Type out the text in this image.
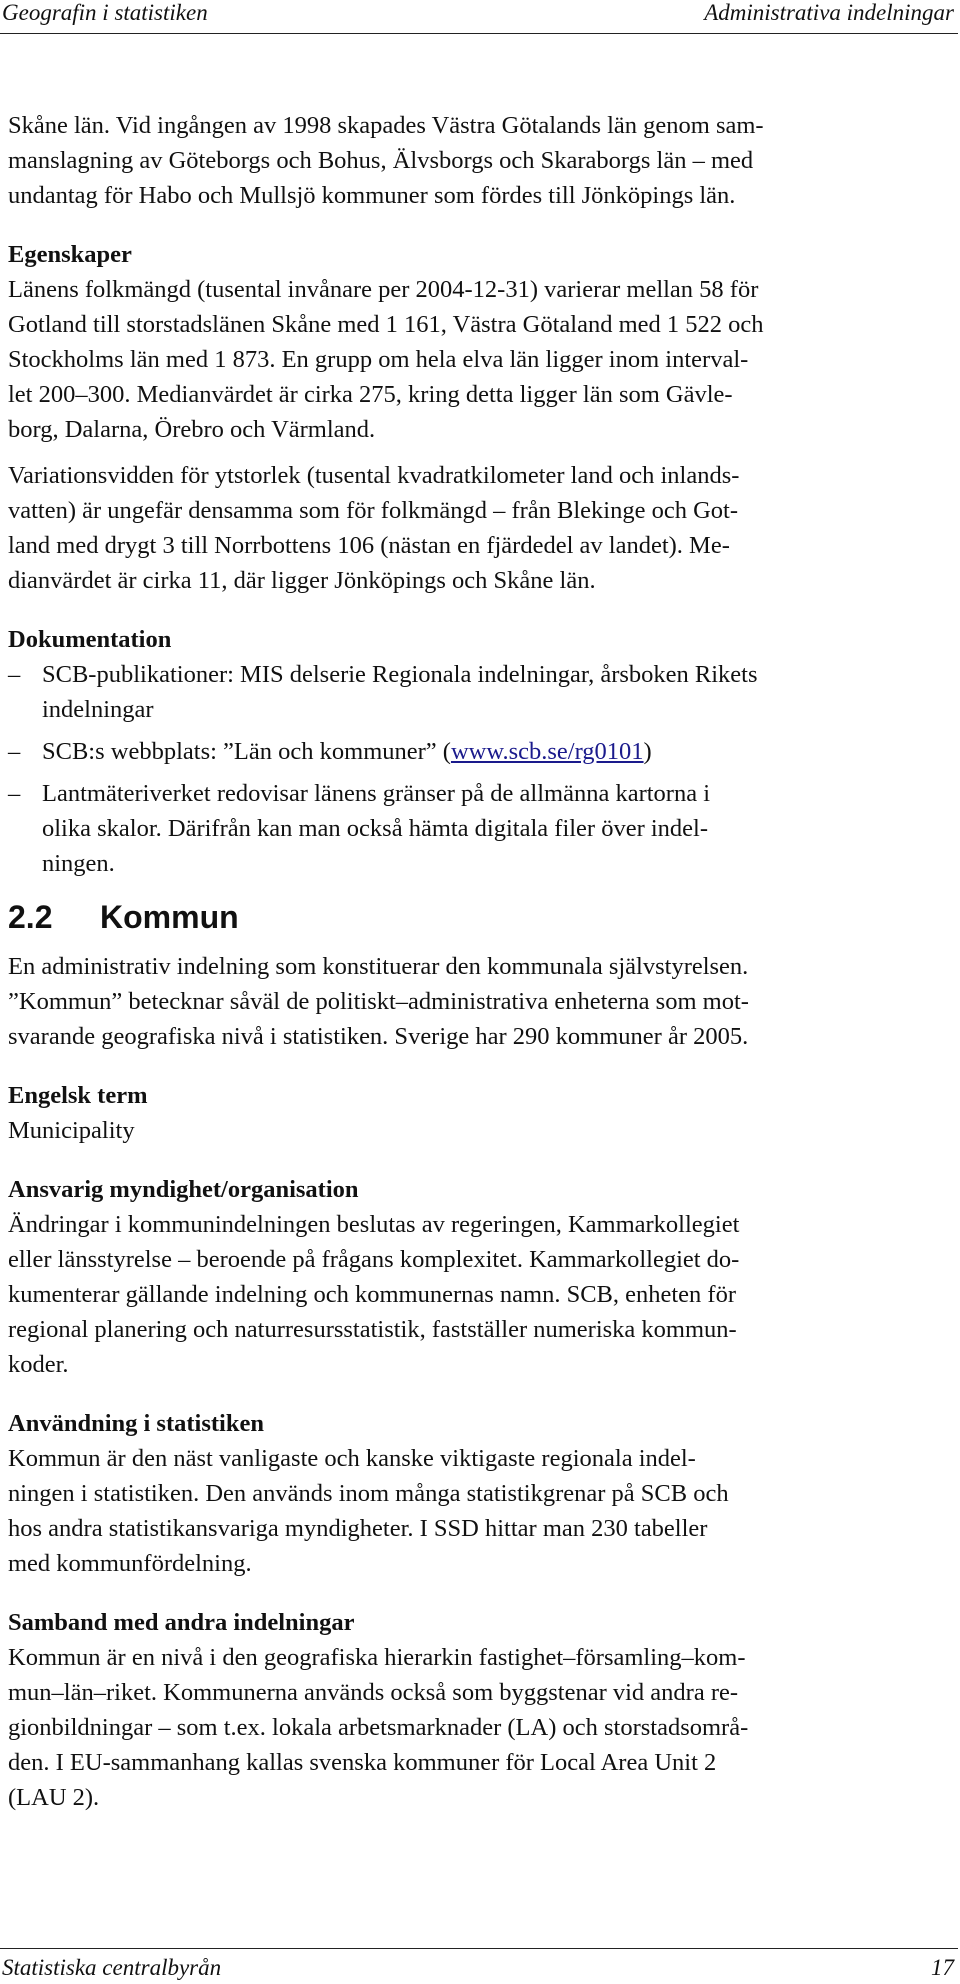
Geografin i statistiken	Administrativa indelningar

Skåne län. Vid ingången av 1998 skapades Västra Götalands län genom sam-
manslagning av Göteborgs och Bohus, Älvsborgs och Skaraborgs län – med
undantag för Habo och Mullsjö kommuner som fördes till Jönköpings län.

Egenskaper

Länens folkmängd (tusental invånare per 2004-12-31) varierar mellan 58 för
Gotland till storstadslänen Skåne med 1 161, Västra Götaland med 1 522 och
Stockholms län med 1 873. En grupp om hela elva län ligger inom interval-
let 200–300. Medianvärdet är cirka 275, kring detta ligger län som Gävle-
borg, Dalarna, Örebro och Värmland.

Variationsvidden för ytstorlek (tusental kvadratkilometer land och inlands-
vatten) är ungefär densamma som för folkmängd – från Blekinge och Got-
land med drygt 3 till Norrbottens 106 (nästan en fjärdedel av landet). Me-
dianvärdet är cirka 11, där ligger Jönköpings och Skåne län.

Dokumentation
– SCB-publikationer: MIS delserie Regionala indelningar, årsboken Rikets
indelningar
– SCB:s webbplats: ”Län och kommuner” (www.scb.se/rg0101)
– Lantmäteriverket redovisar länens gränser på de allmänna kartorna i
olika skalor. Därifrån kan man också hämta digitala filer över indel-
ningen.
2.2 Kommun

En administrativ indelning som konstituerar den kommunala självstyrelsen.
”Kommun” betecknar såväl de politiskt–administrativa enheterna som mot-
svarande geografiska nivå i statistiken. Sverige har 290 kommuner år 2005.

Engelsk term

Municipality

Ansvarig myndighet/organisation

Ändringar i kommunindelningen beslutas av regeringen, Kammarkollegiet
eller länsstyrelse – beroende på frågans komplexitet. Kammarkollegiet do-
kumenterar gällande indelning och kommunernas namn. SCB, enheten för
regional planering och naturresursstatistik, fastställer numeriska kommun-
koder.

Användning i statistiken

Kommun är den näst vanligaste och kanske viktigaste regionala indel-
ningen i statistiken. Den används inom många statistikgrenar på SCB och
hos andra statistikansvariga myndigheter. I SSD hittar man 230 tabeller
med kommunfördelning.

Samband med andra indelningar

Kommun är en nivå i den geografiska hierarkin fastighet–församling–kom-
mun–län–riket. Kommunerna används också som byggstenar vid andra re-
gionbildningar – som t.ex. lokala arbetsmarknader (LA) och storstadsområ-
den. I EU-sammanhang kallas svenska kommuner för Local Area Unit 2
(LAU 2).

Statistiska centralbyrån	17
